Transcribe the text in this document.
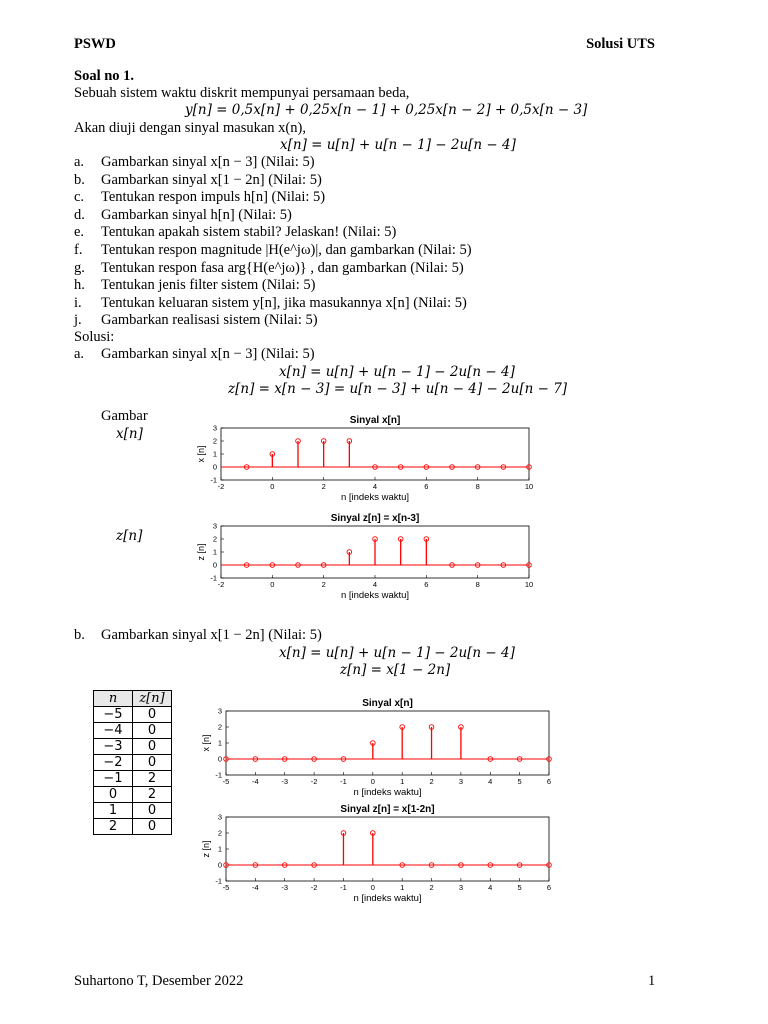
PSWD	Solusi UTS
Soal no 1.
Sebuah sistem waktu diskrit mempunyai persamaan beda,
y[n] = 0,5x[n] + 0,25x[n − 1] + 0,25x[n − 2] + 0,5x[n − 3]
Akan diuji dengan sinyal masukan x(n),
x[n] = u[n] + u[n − 1] − 2u[n − 4]
a. Gambarkan sinyal x[n − 3] (Nilai: 5)
b. Gambarkan sinyal x[1 − 2n] (Nilai: 5)
c. Tentukan respon impuls h[n] (Nilai: 5)
d. Gambarkan sinyal h[n] (Nilai: 5)
e. Tentukan apakah sistem stabil? Jelaskan! (Nilai: 5)
f. Tentukan respon magnitude |H(e^jω)|, dan gambarkan (Nilai: 5)
g. Tentukan respon fasa arg{H(e^jω)} , dan gambarkan (Nilai: 5)
h. Tentukan jenis filter sistem (Nilai: 5)
i. Tentukan keluaran sistem y[n], jika masukannya x[n] (Nilai: 5)
j. Gambarkan realisasi sistem (Nilai: 5)
Solusi:
a. Gambarkan sinyal x[n − 3] (Nilai: 5)
x[n] = u[n] + u[n − 1] − 2u[n − 4]
z[n] = x[n − 3] = u[n − 3] + u[n − 4] − 2u[n − 7]
Gambar
x[n]
z[n]
Sinyal x[n]
-2	0	2	4	6	8	10
-1
0
1
2
3
n [indeks waktu]
x [n]
Sinyal z[n] = x[n-3]
-2	0	2	4	6	8	10
-1
0
1
2
3
n [indeks waktu]
z [n]
b. Gambarkan sinyal x[1 − 2n] (Nilai: 5)
x[n] = u[n] + u[n − 1] − 2u[n − 4]
z[n] = x[1 − 2n]
n	z[n]
−5	0
−4	0
−3	0
−2	0
−1	2
0	2
1	0
2	0
Sinyal x[n]
-5	-4	-3	-2	-1	0	1	2	3	4	5	6
-1
0
1
2
3
n [indeks waktu]
x [n]
Sinyal z[n] = x[1-2n]
-5	-4	-3	-2	-1	0	1	2	3	4	5	6
-1
0
1
2
3
n [indeks waktu]
z [n]
Suhartono T, Desember 2022	1
